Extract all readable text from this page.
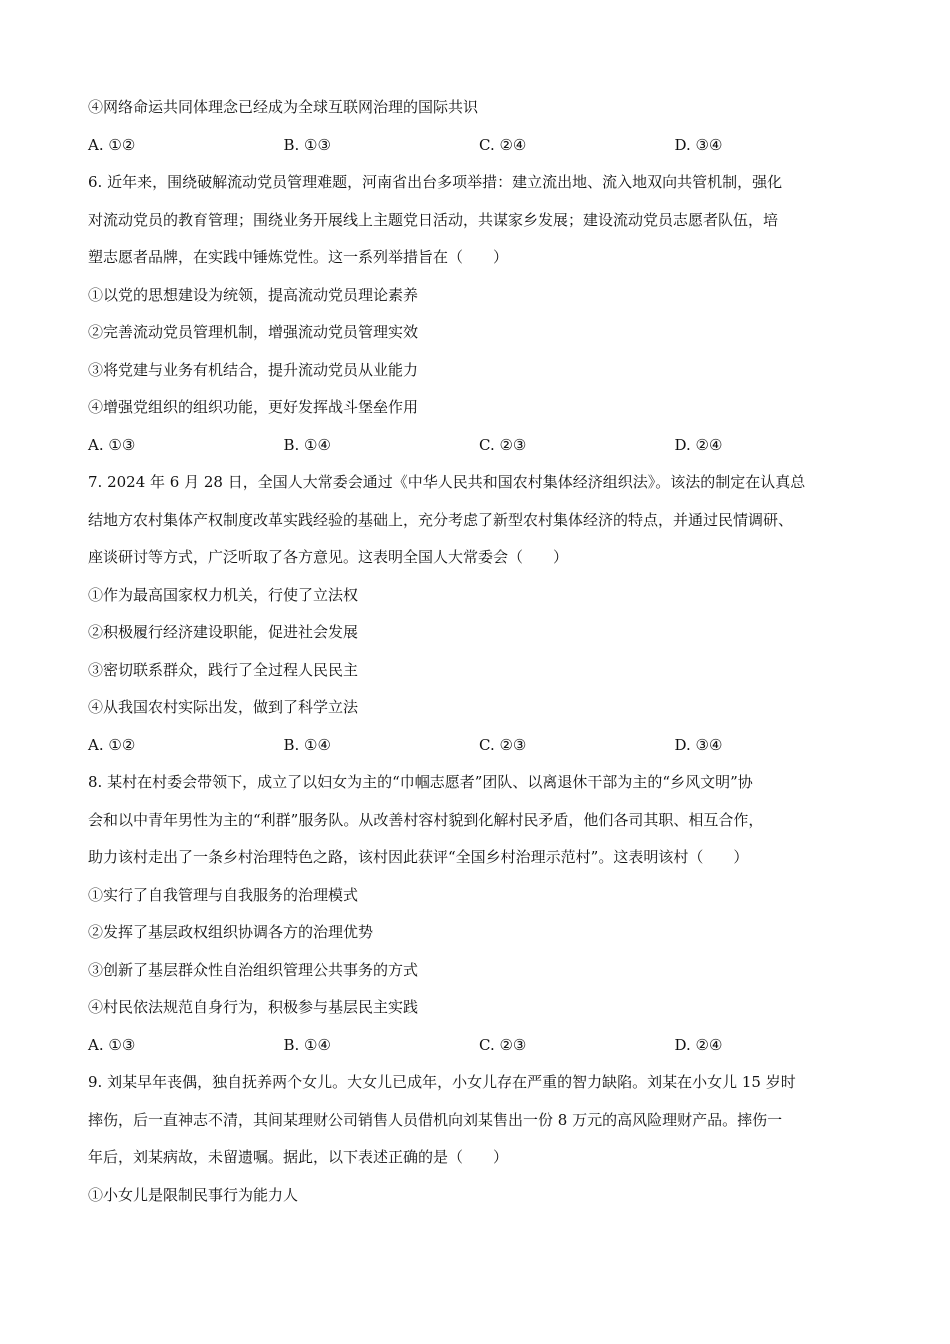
④网络命运共同体理念已经成为全球互联网治理的国际共识
A. ①②	B. ①③	C. ②④	D. ③④
6. 近年来，围绕破解流动党员管理难题，河南省出台多项举措：建立流出地、流入地双向共管机制，强化
对流动党员的教育管理；围绕业务开展线上主题党日活动，共谋家乡发展；建设流动党员志愿者队伍，培
塑志愿者品牌，在实践中锤炼党性。这一系列举措旨在（　　）
①以党的思想建设为统领，提高流动党员理论素养
②完善流动党员管理机制，增强流动党员管理实效
③将党建与业务有机结合，提升流动党员从业能力
④增强党组织的组织功能，更好发挥战斗堡垒作用
A. ①③	B. ①④	C. ②③	D. ②④
7. 2024 年 6 月 28 日，全国人大常委会通过《中华人民共和国农村集体经济组织法》。该法的制定在认真总
结地方农村集体产权制度改革实践经验的基础上，充分考虑了新型农村集体经济的特点，并通过民情调研、
座谈研讨等方式，广泛听取了各方意见。这表明全国人大常委会（　　）
①作为最高国家权力机关，行使了立法权
②积极履行经济建设职能，促进社会发展
③密切联系群众，践行了全过程人民民主
④从我国农村实际出发，做到了科学立法
A. ①②	B. ①④	C. ②③	D. ③④
8. 某村在村委会带领下，成立了以妇女为主的“巾帼志愿者”团队、以离退休干部为主的“乡风文明”协
会和以中青年男性为主的“利群”服务队。从改善村容村貌到化解村民矛盾，他们各司其职、相互合作，
助力该村走出了一条乡村治理特色之路，该村因此获评“全国乡村治理示范村”。这表明该村（　　）
①实行了自我管理与自我服务的治理模式
②发挥了基层政权组织协调各方的治理优势
③创新了基层群众性自治组织管理公共事务的方式
④村民依法规范自身行为，积极参与基层民主实践
A. ①③	B. ①④	C. ②③	D. ②④
9. 刘某早年丧偶，独自抚养两个女儿。大女儿已成年，小女儿存在严重的智力缺陷。刘某在小女儿 15 岁时
摔伤，后一直神志不清，其间某理财公司销售人员借机向刘某售出一份 8 万元的高风险理财产品。摔伤一
年后，刘某病故，未留遗嘱。据此，以下表述正确的是（　　）
①小女儿是限制民事行为能力人
